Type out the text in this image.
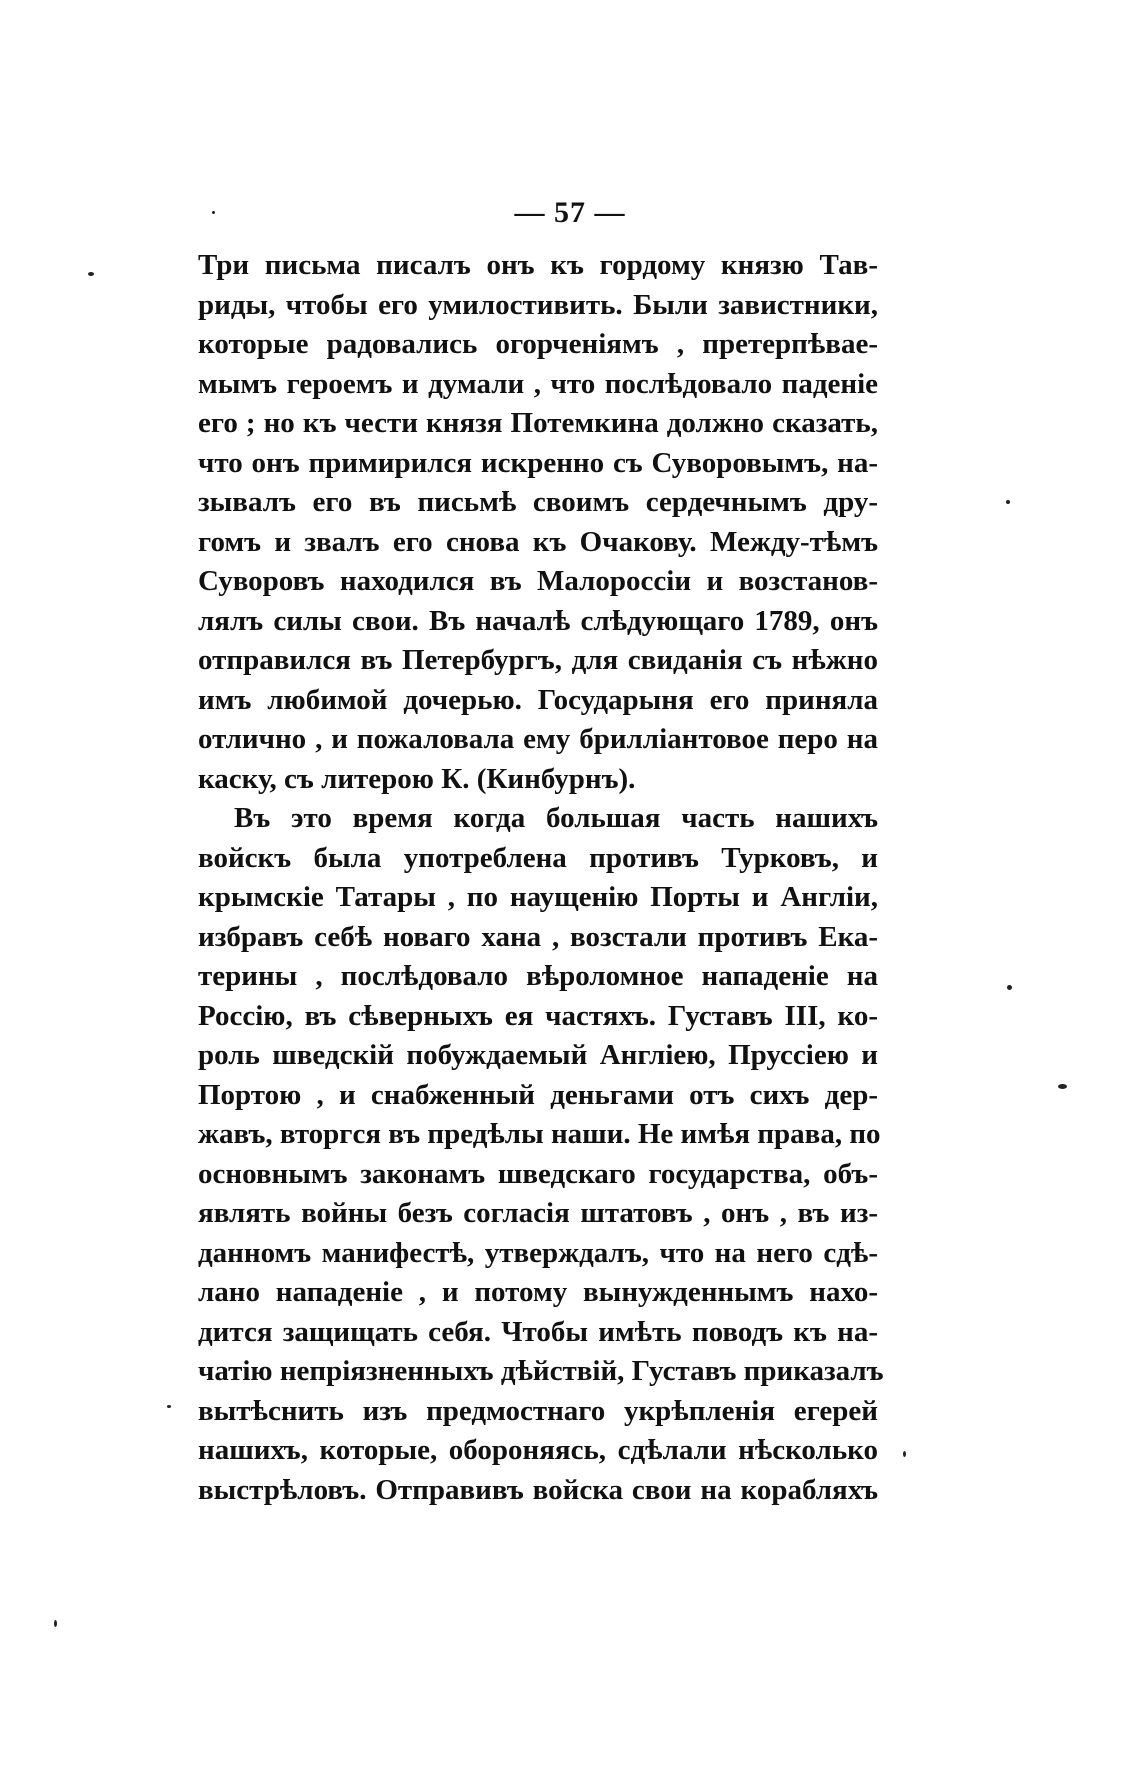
— 57 —
Три письма писалъ онъ къ гордому князю Тав-
риды, чтобы его умилостивить. Были завистники,
которые радовались огорченіямъ , претерпѣвае-
мымъ героемъ и думали , что послѣдовало паденіе
его ; но къ чести князя Потемкина должно сказать,
что онъ примирился искренно съ Суворовымъ, на-
зывалъ его въ письмѣ своимъ сердечнымъ дру-
гомъ и звалъ его снова къ Очакову. Между-тѣмъ
Суворовъ находился въ Малороссіи и возстанов-
лялъ силы свои. Въ началѣ слѣдующаго 1789, онъ
отправился въ Петербургъ, для свиданія съ нѣжно
имъ любимой дочерью. Государыня его приняла
отлично , и пожаловала ему брилліантовое перо на
каску, съ литерою К. (Кинбурнъ).
Въ это время когда большая часть нашихъ
войскъ была употреблена противъ Турковъ, и
крымскіе Татары , по наущенію Порты и Англіи,
избравъ себѣ новаго хана , возстали противъ Ека-
терины , послѣдовало вѣроломное нападеніе на
Россію, въ сѣверныхъ ея частяхъ. Густавъ III, ко-
роль шведскій побуждаемый Англіею, Пруссіею и
Портою , и снабженный деньгами отъ сихъ дер-
жавъ, вторгся въ предѣлы наши. Не имѣя права, по
основнымъ законамъ шведскаго государства, объ-
являть войны безъ согласія штатовъ , онъ , въ из-
данномъ манифестѣ, утверждалъ, что на него сдѣ-
лано нападеніе , и потому вынужденнымъ нахо-
дится защищать себя. Чтобы имѣть поводъ къ на-
чатію непріязненныхъ дѣйствій, Густавъ приказалъ
вытѣснить изъ предмостнаго укрѣпленія егерей
нашихъ, которые, обороняясь, сдѣлали нѣсколько
выстрѣловъ. Отправивъ войска свои на корабляхъ
